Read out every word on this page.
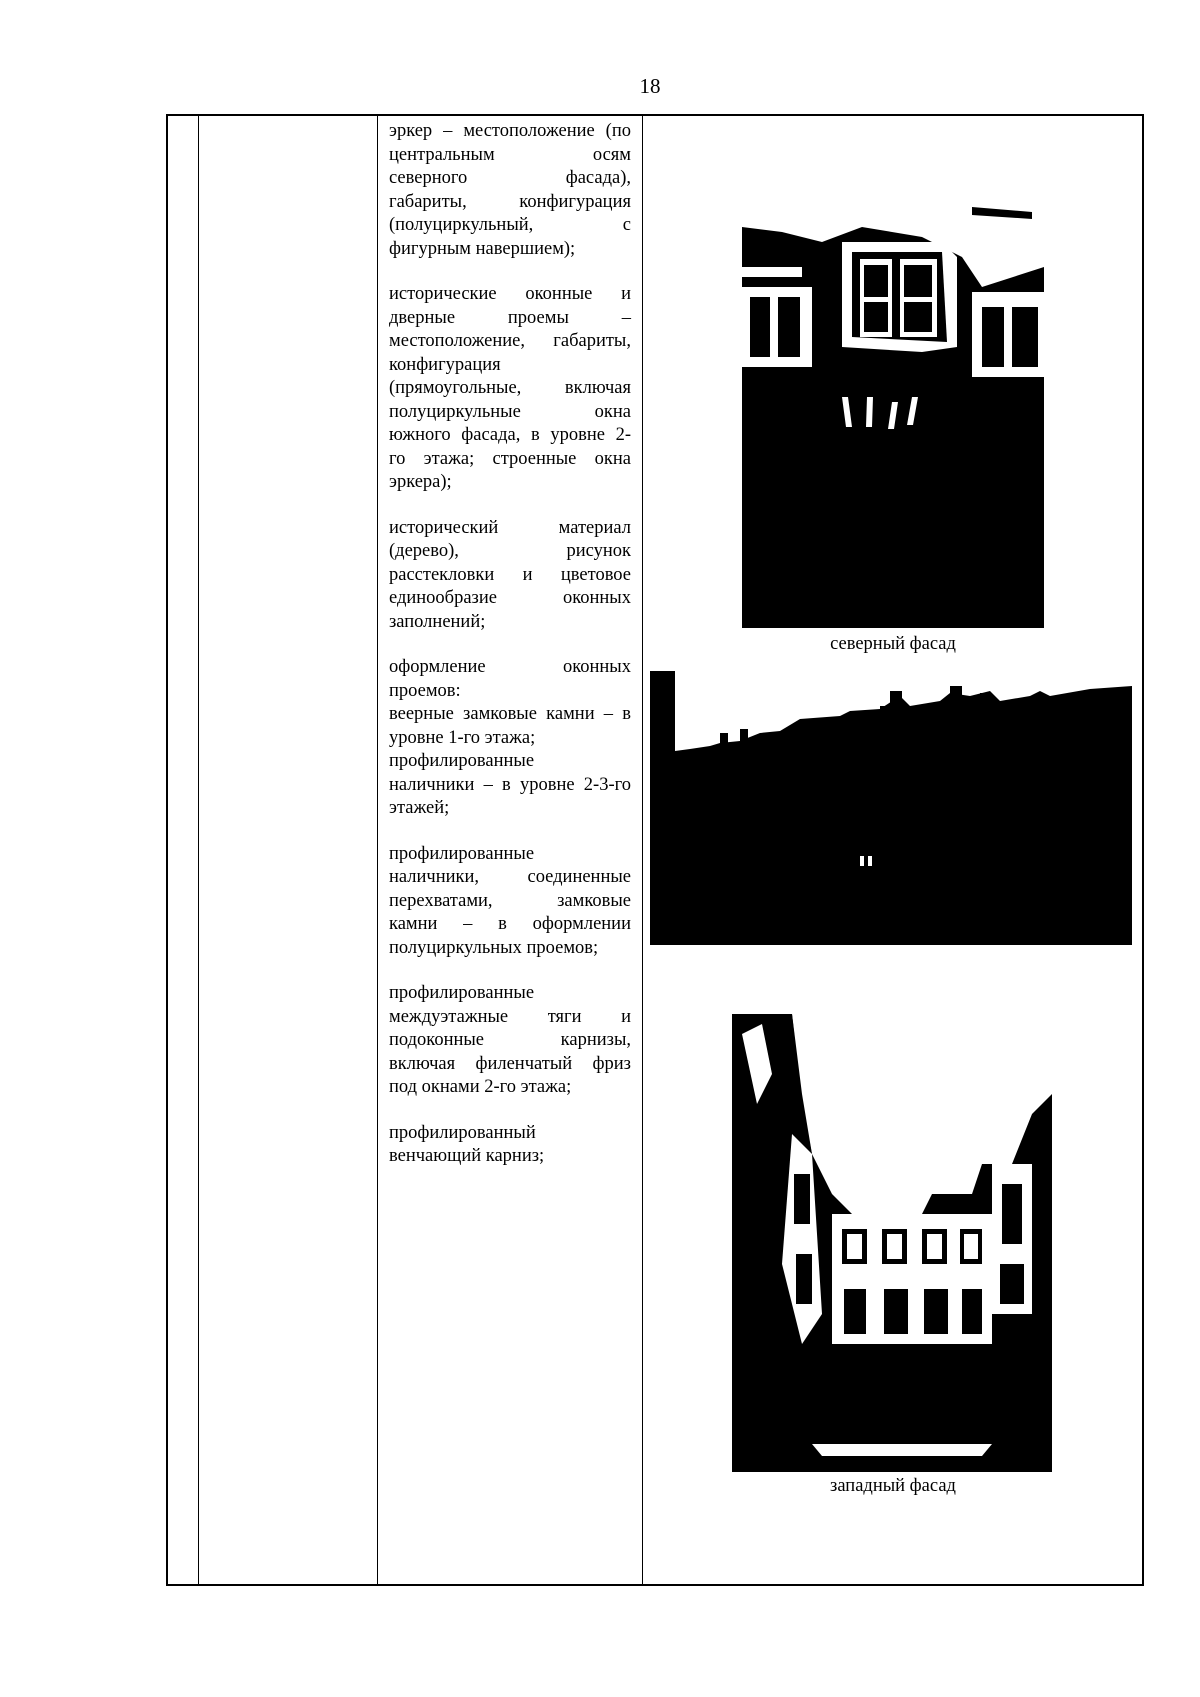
18

эркер – местоположение (по
центральным осям
северного фасада),
габариты, конфигурация
(полуциркульный, с
фигурным навершием);

исторические оконные и
дверные проемы –
местоположение, габариты,
конфигурация
(прямоугольные, включая
полуциркульные окна
южного фасада, в уровне 2-
го этажа; строенные окна
эркера);

исторический материал
(дерево), рисунок
расстекловки и цветовое
единообразие оконных
заполнений;

оформление оконных
проемов:
веерные замковые камни – в
уровне 1-го этажа;
профилированные
наличники – в уровне 2-3-го
этажей;

профилированные
наличники, соединенные
перехватами, замковые
камни – в оформлении
полуциркульных проемов;

профилированные
междуэтажные тяги и
подоконные карнизы,
включая филенчатый фриз
под окнами 2-го этажа;

профилированный
венчающий карниз;

северный фасад
западный фасад
